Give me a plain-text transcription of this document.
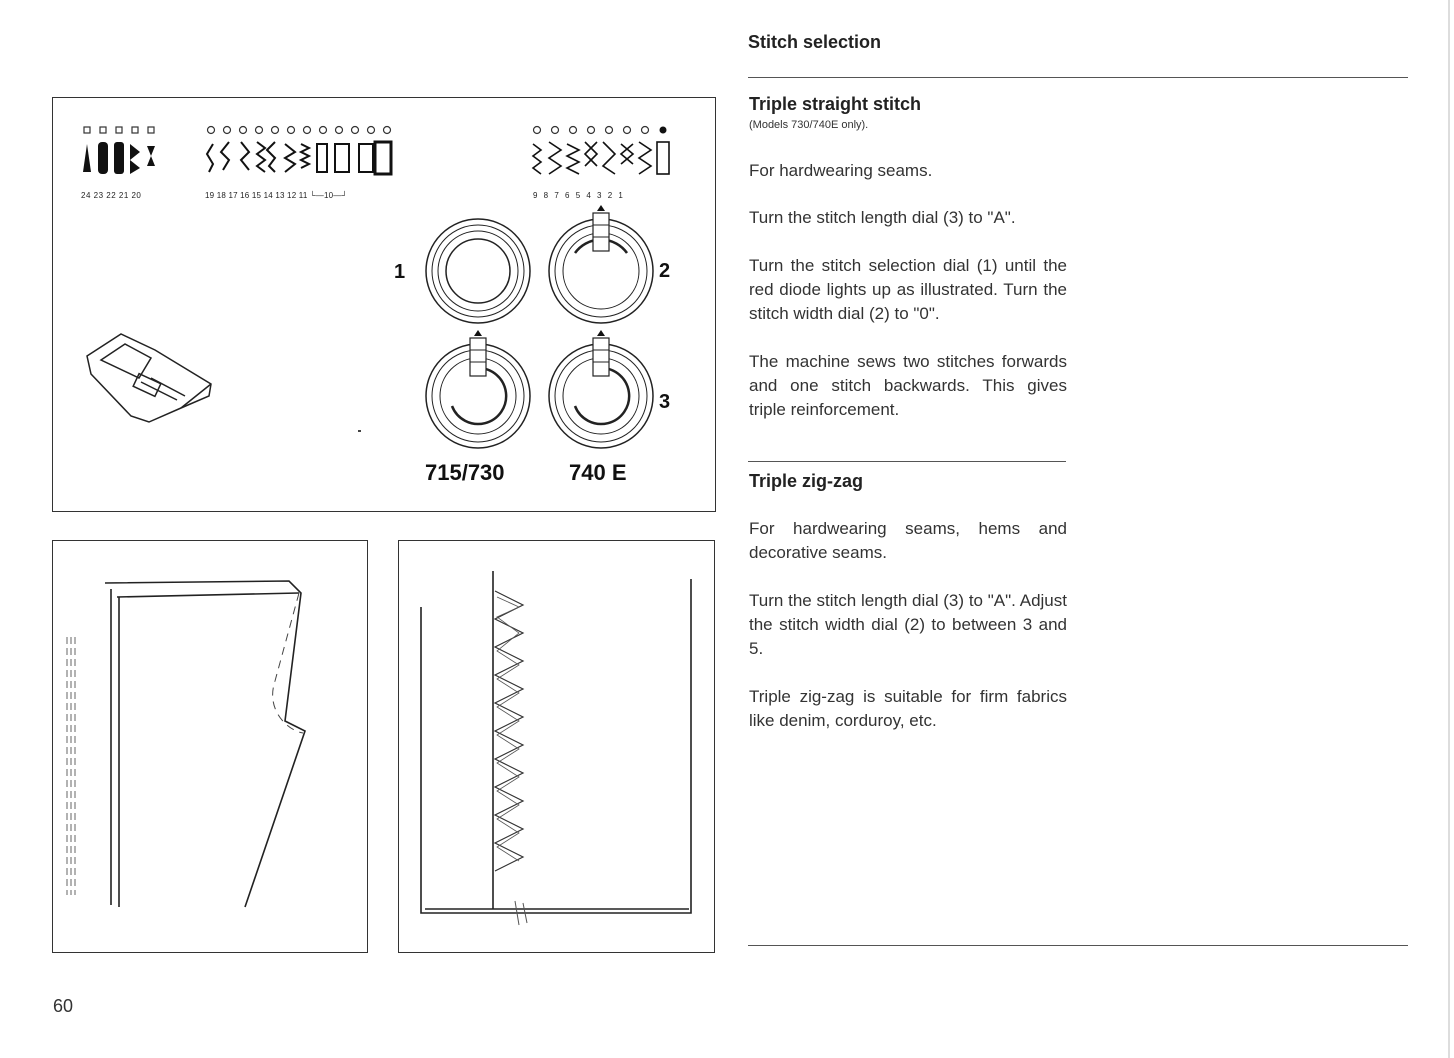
Stitch selection
24 23 22 21 20	19 18 17 16 15 14 13 12 11 └—10—┘	9 8 7 6 5 4 3 2 1
1	2
3
715/730	740 E
Triple straight stitch
(Models 730/740E only).

For hardwearing seams.

Turn the stitch length dial (3) to "A".

Turn the stitch selection dial (1) until the red diode lights up as illustrated. Turn the stitch width dial (2) to "0".

The machine sews two stitches forwards and one stitch backwards. This gives triple reinforcement.

Triple zig-zag

For hardwearing seams, hems and decorative seams.

Turn the stitch length dial (3) to "A". Adjust the stitch width dial (2) to between 3 and 5.

Triple zig-zag is suitable for firm fabrics like denim, corduroy, etc.

60
